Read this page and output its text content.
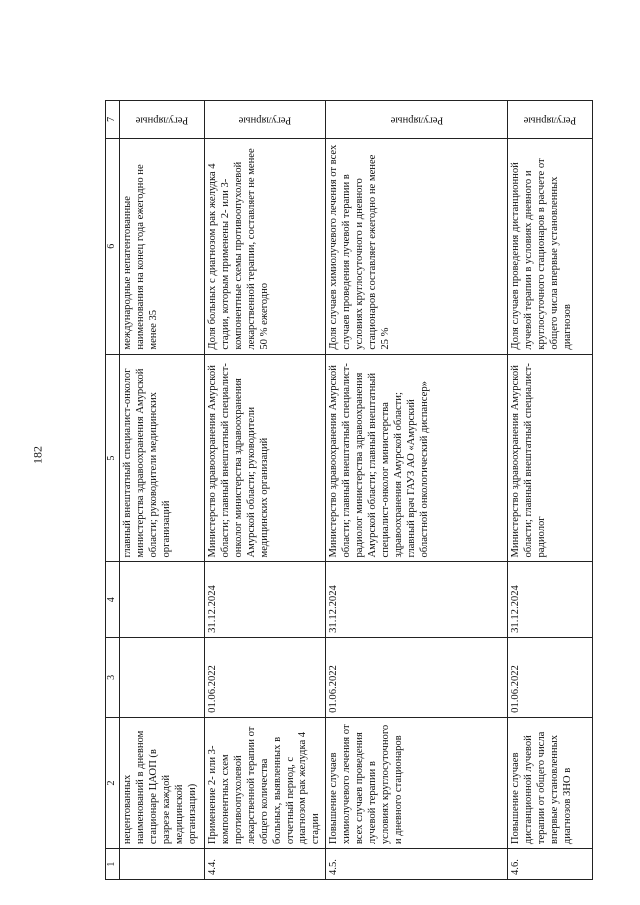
182
1	2	3	4	5	6	7
	нецентованных наименований в дневном стационаре ЦАОП (в разрезе каждой медицинской организации)			главный внештатный специалист-онколог министерства здравоохранения Амурской области; руководители медицинских организаций	международные непатентованные наименования на конец года ежегодно не менее 35	Регулярные

4.4.	Применение 2- или 3-компонентных схем противоопухолевой лекарственной терапии от общего количества больных, выявленных в отчетный период, с диагнозом рак желудка 4 стадии	01.06.2022	31.12.2024	Министерство здравоохранения Амурской области; главный внештатный специалист-онколог министерства здравоохранения Амурской области; руководители медицинских организаций	Доля больных с диагнозом рак желудка 4 стадии, которым применены 2- или 3-компонентные схемы противоопухолевой лекарственной терапии, составляет не менее 50 % ежегодно	Регулярные

4.5.	Повышение случаев химиолучевого лечения от всех случаев проведения лучевой терапии в условиях круглосуточного и дневного стационаров	01.06.2022	31.12.2024	Министерство здравоохранения Амурской области; главный внештатный специалист-радиолог министерства здравоохранения Амурской области; главный внештатный специалист-онколог министерства здравоохранения Амурской области; главный врач ГАУЗ АО «Амурский областной онкологический диспансер»	Доля случаев химиолучевого лечения от всех случаев проведения лучевой терапии в условиях круглосуточного и дневного стационаров составляет ежегодно не менее 25 %	Регулярные

4.6.	Повышение случаев дистанционной лучевой терапии от общего числа впервые установленных диагнозов ЗНО в	01.06.2022	31.12.2024	Министерство здравоохранения Амурской области; главный внештатный специалист-радиолог	Доля случаев проведения дистанционной лучевой терапии в условиях дневного и круглосуточного стационаров в расчете от общего числа впервые установленных диагнозов	Регулярные
